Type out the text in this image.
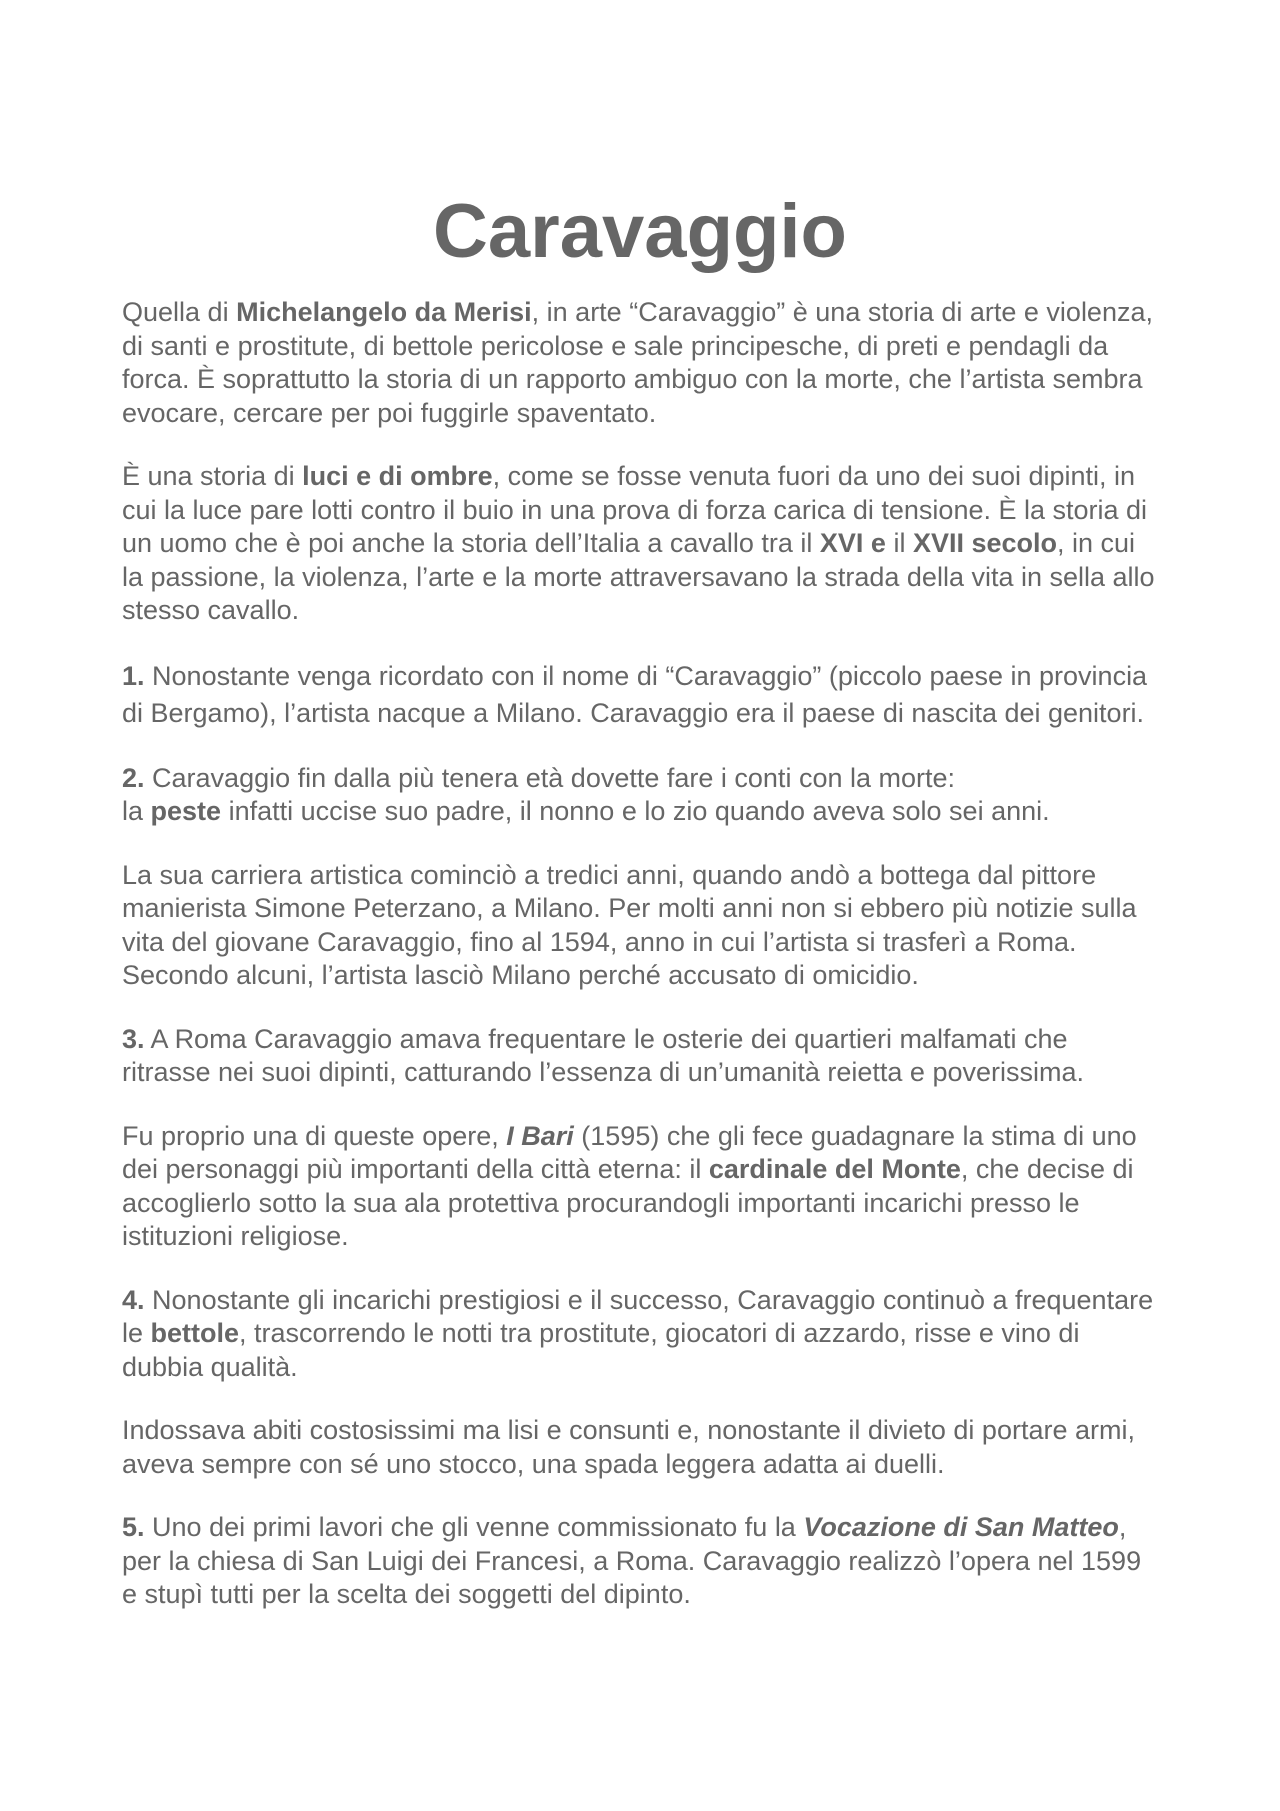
Caravaggio

Quella di Michelangelo da Merisi, in arte “Caravaggio” è una storia di arte e violenza, di santi e prostitute, di bettole pericolose e sale principesche, di preti e pendagli da forca. È soprattutto la storia di un rapporto ambiguo con la morte, che l’artista sembra evocare, cercare per poi fuggirle spaventato.

È una storia di luci e di ombre, come se fosse venuta fuori da uno dei suoi dipinti, in cui la luce pare lotti contro il buio in una prova di forza carica di tensione. È la storia di un uomo che è poi anche la storia dell’Italia a cavallo tra il XVI e il XVII secolo, in cui la passione, la violenza, l’arte e la morte attraversavano la strada della vita in sella allo stesso cavallo.

1. Nonostante venga ricordato con il nome di “Caravaggio” (piccolo paese in provincia di Bergamo), l’artista nacque a Milano. Caravaggio era il paese di nascita dei genitori.

2. Caravaggio fin dalla più tenera età dovette fare i conti con la morte:
la peste infatti uccise suo padre, il nonno e lo zio quando aveva solo sei anni.

La sua carriera artistica cominciò a tredici anni, quando andò a bottega dal pittore manierista Simone Peterzano, a Milano. Per molti anni non si ebbero più notizie sulla vita del giovane Caravaggio, fino al 1594, anno in cui l’artista si trasferì a Roma. Secondo alcuni, l’artista lasciò Milano perché accusato di omicidio.

3. A Roma Caravaggio amava frequentare le osterie dei quartieri malfamati che ritrasse nei suoi dipinti, catturando l’essenza di un’umanità reietta e poverissima.

Fu proprio una di queste opere, I Bari (1595) che gli fece guadagnare la stima di uno dei personaggi più importanti della città eterna: il cardinale del Monte, che decise di accoglierlo sotto la sua ala protettiva procurandogli importanti incarichi presso le istituzioni religiose.

4. Nonostante gli incarichi prestigiosi e il successo, Caravaggio continuò a frequentare le bettole, trascorrendo le notti tra prostitute, giocatori di azzardo, risse e vino di dubbia qualità.

Indossava abiti costosissimi ma lisi e consunti e, nonostante il divieto di portare armi, aveva sempre con sé uno stocco, una spada leggera adatta ai duelli.

5. Uno dei primi lavori che gli venne commissionato fu la Vocazione di San Matteo, per la chiesa di San Luigi dei Francesi, a Roma. Caravaggio realizzò l’opera nel 1599 e stupì tutti per la scelta dei soggetti del dipinto.
